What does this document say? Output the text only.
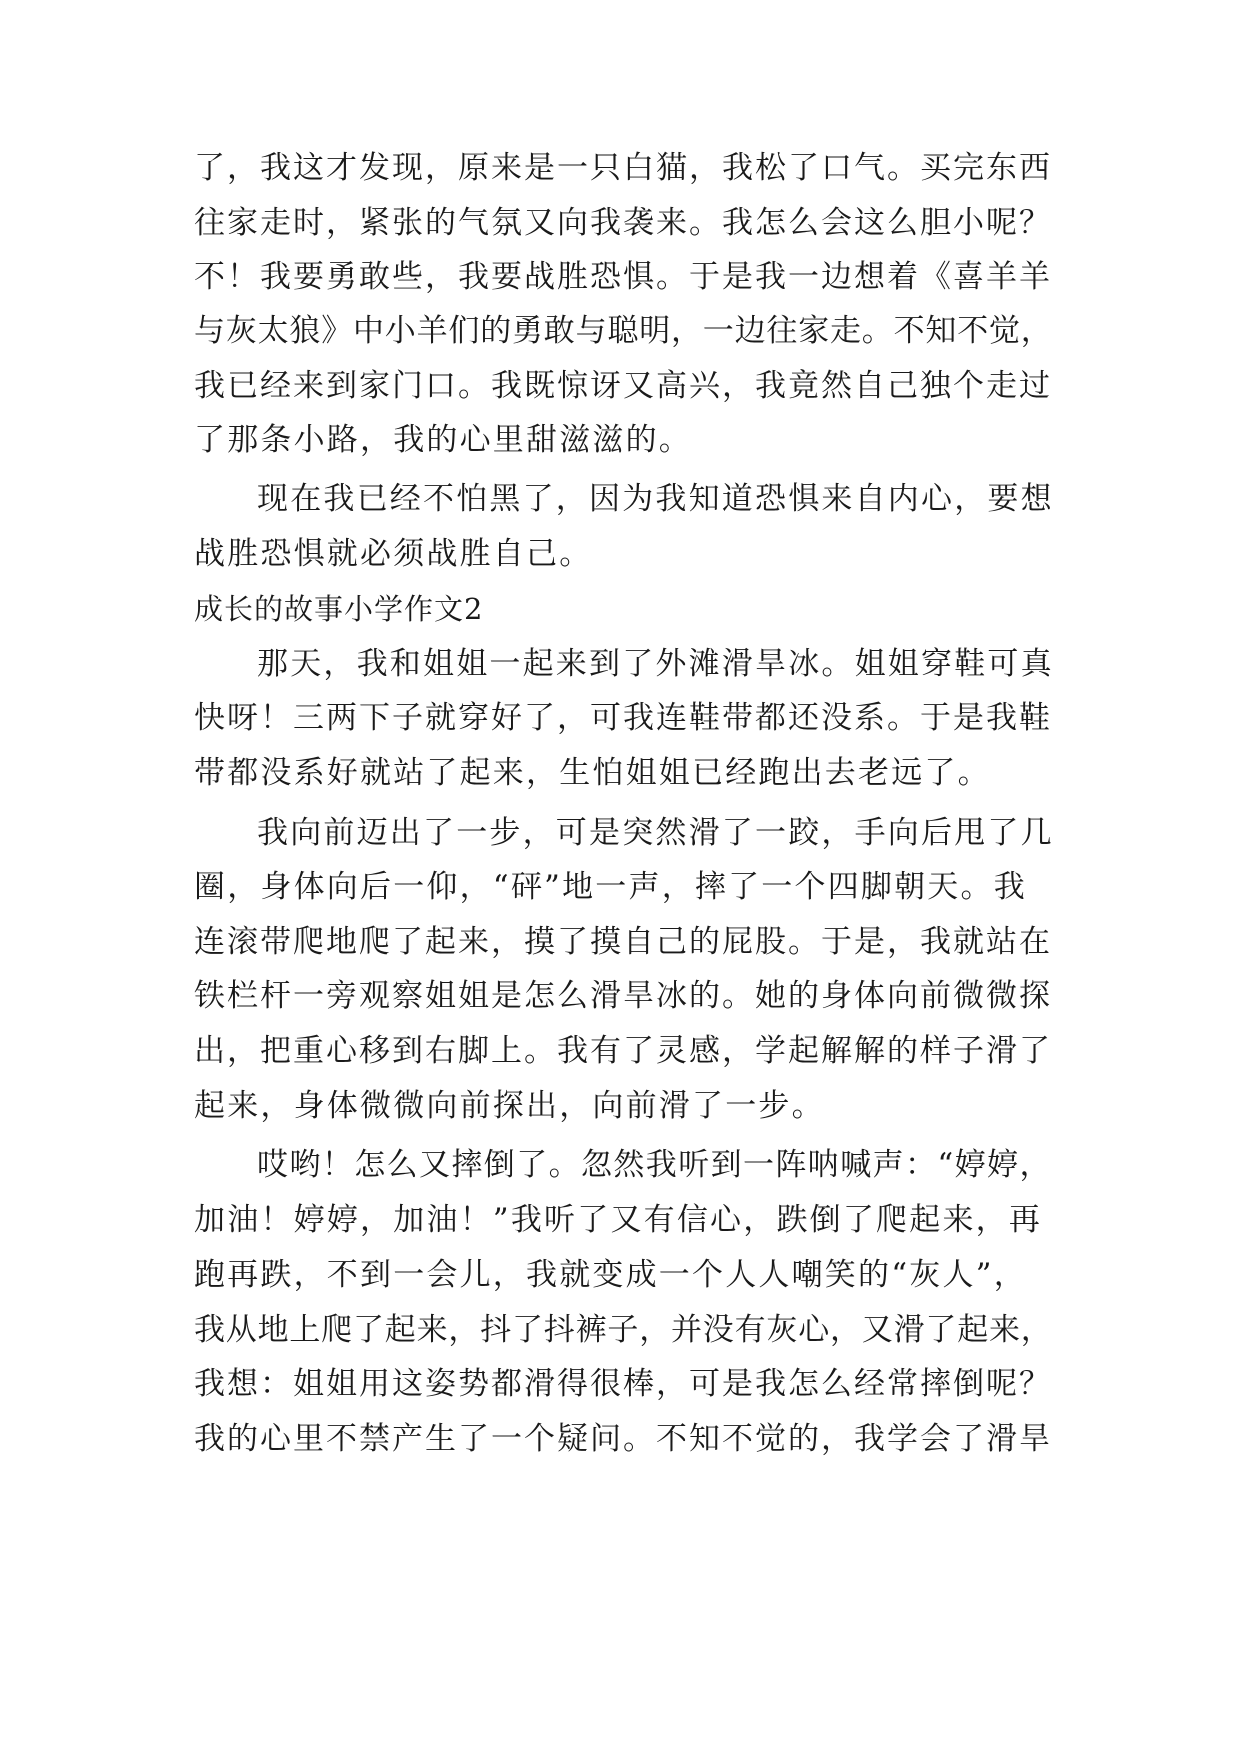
了，我这才发现，原来是一只白猫，我松了口气。买完东西
往家走时，紧张的气氛又向我袭来。我怎么会这么胆小呢？
不！我要勇敢些，我要战胜恐惧。于是我一边想着《喜羊羊
与灰太狼》中小羊们的勇敢与聪明，一边往家走。不知不觉，
我已经来到家门口。我既惊讶又高兴，我竟然自己独个走过
了那条小路，我的心里甜滋滋的。
现在我已经不怕黑了，因为我知道恐惧来自内心，要想
战胜恐惧就必须战胜自己。
成长的故事小学作文2
那天，我和姐姐一起来到了外滩滑旱冰。姐姐穿鞋可真
快呀！三两下子就穿好了，可我连鞋带都还没系。于是我鞋
带都没系好就站了起来，生怕姐姐已经跑出去老远了。
我向前迈出了一步，可是突然滑了一跤，手向后甩了几
圈，身体向后一仰，“砰”地一声，摔了一个四脚朝天。我
连滚带爬地爬了起来，摸了摸自己的屁股。于是，我就站在
铁栏杆一旁观察姐姐是怎么滑旱冰的。她的身体向前微微探
出，把重心移到右脚上。我有了灵感，学起解解的样子滑了
起来，身体微微向前探出，向前滑了一步。
哎哟！怎么又摔倒了。忽然我听到一阵呐喊声：“婷婷，
加油！婷婷，加油！”我听了又有信心，跌倒了爬起来，再
跑再跌，不到一会儿，我就变成一个人人嘲笑的“灰人”，
我从地上爬了起来，抖了抖裤子，并没有灰心，又滑了起来，
我想：姐姐用这姿势都滑得很棒，可是我怎么经常摔倒呢？
我的心里不禁产生了一个疑问。不知不觉的，我学会了滑旱
